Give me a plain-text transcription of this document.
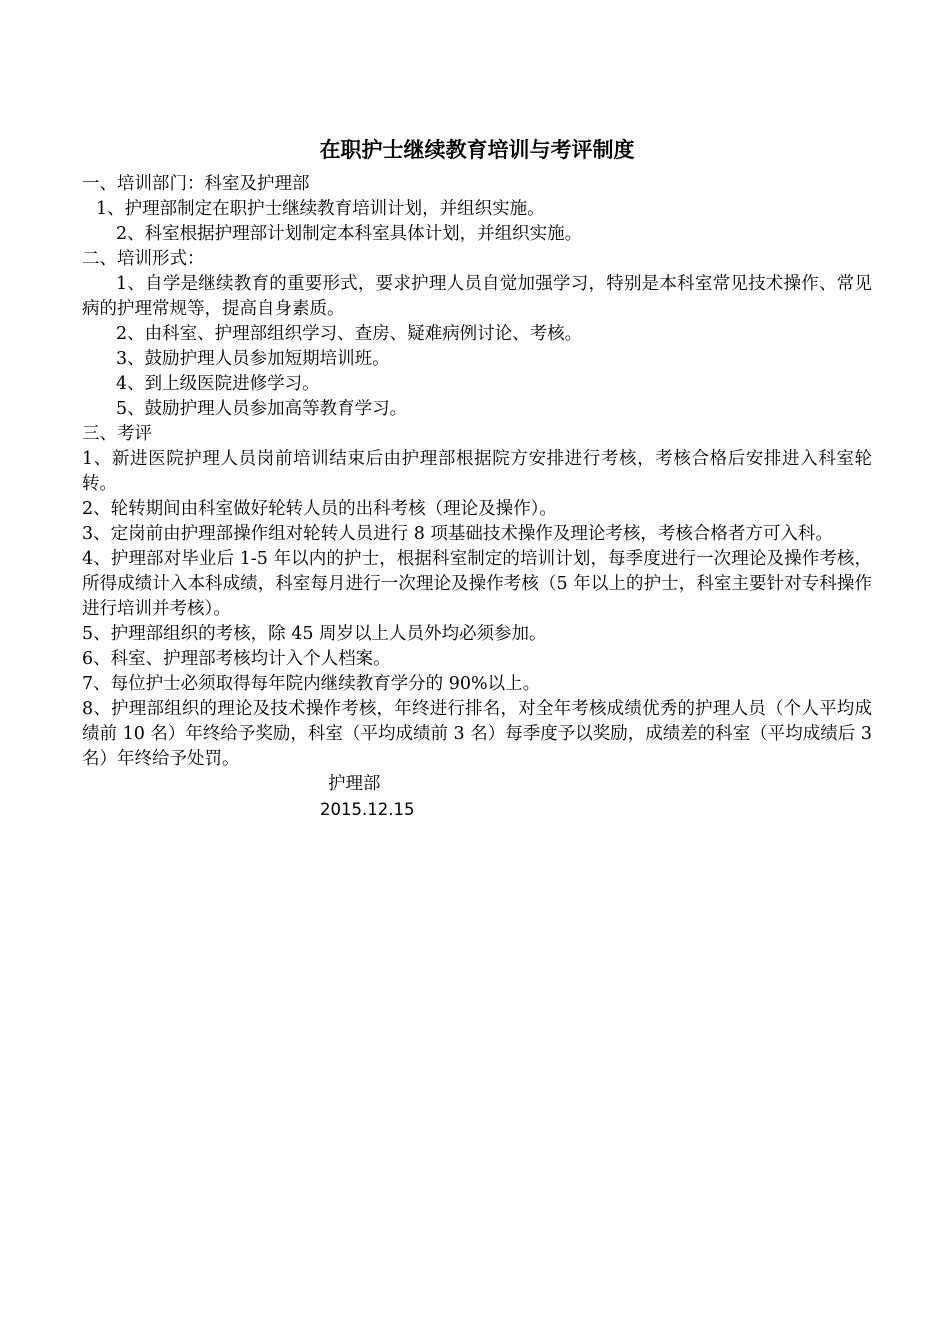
在职护士继续教育培训与考评制度

一、培训部门：科室及护理部

1、护理部制定在职护士继续教育培训计划，并组织实施。

2、科室根据护理部计划制定本科室具体计划，并组织实施。

二、培训形式：

1、自学是继续教育的重要形式，要求护理人员自觉加强学习，特别是本科室常见技术操作、常见病的护理常规等，提高自身素质。

2、由科室、护理部组织学习、查房、疑难病例讨论、考核。

3、鼓励护理人员参加短期培训班。

4、到上级医院进修学习。

5、鼓励护理人员参加高等教育学习。

三、考评

1、新进医院护理人员岗前培训结束后由护理部根据院方安排进行考核，考核合格后安排进入科室轮转。

2、轮转期间由科室做好轮转人员的出科考核（理论及操作）。

3、定岗前由护理部操作组对轮转人员进行 8 项基础技术操作及理论考核，考核合格者方可入科。

4、护理部对毕业后 1-5 年以内的护士，根据科室制定的培训计划，每季度进行一次理论及操作考核，所得成绩计入本科成绩，科室每月进行一次理论及操作考核（5 年以上的护士，科室主要针对专科操作进行培训并考核）。

5、护理部组织的考核，除 45 周岁以上人员外均必须参加。

6、科室、护理部考核均计入个人档案。

7、每位护士必须取得每年院内继续教育学分的 90%以上。

8、护理部组织的理论及技术操作考核，年终进行排名，对全年考核成绩优秀的护理人员（个人平均成绩前 10 名）年终给予奖励，科室（平均成绩前 3 名）每季度予以奖励，成绩差的科室（平均成绩后 3 名）年终给予处罚。

护理部

2015.12.15
